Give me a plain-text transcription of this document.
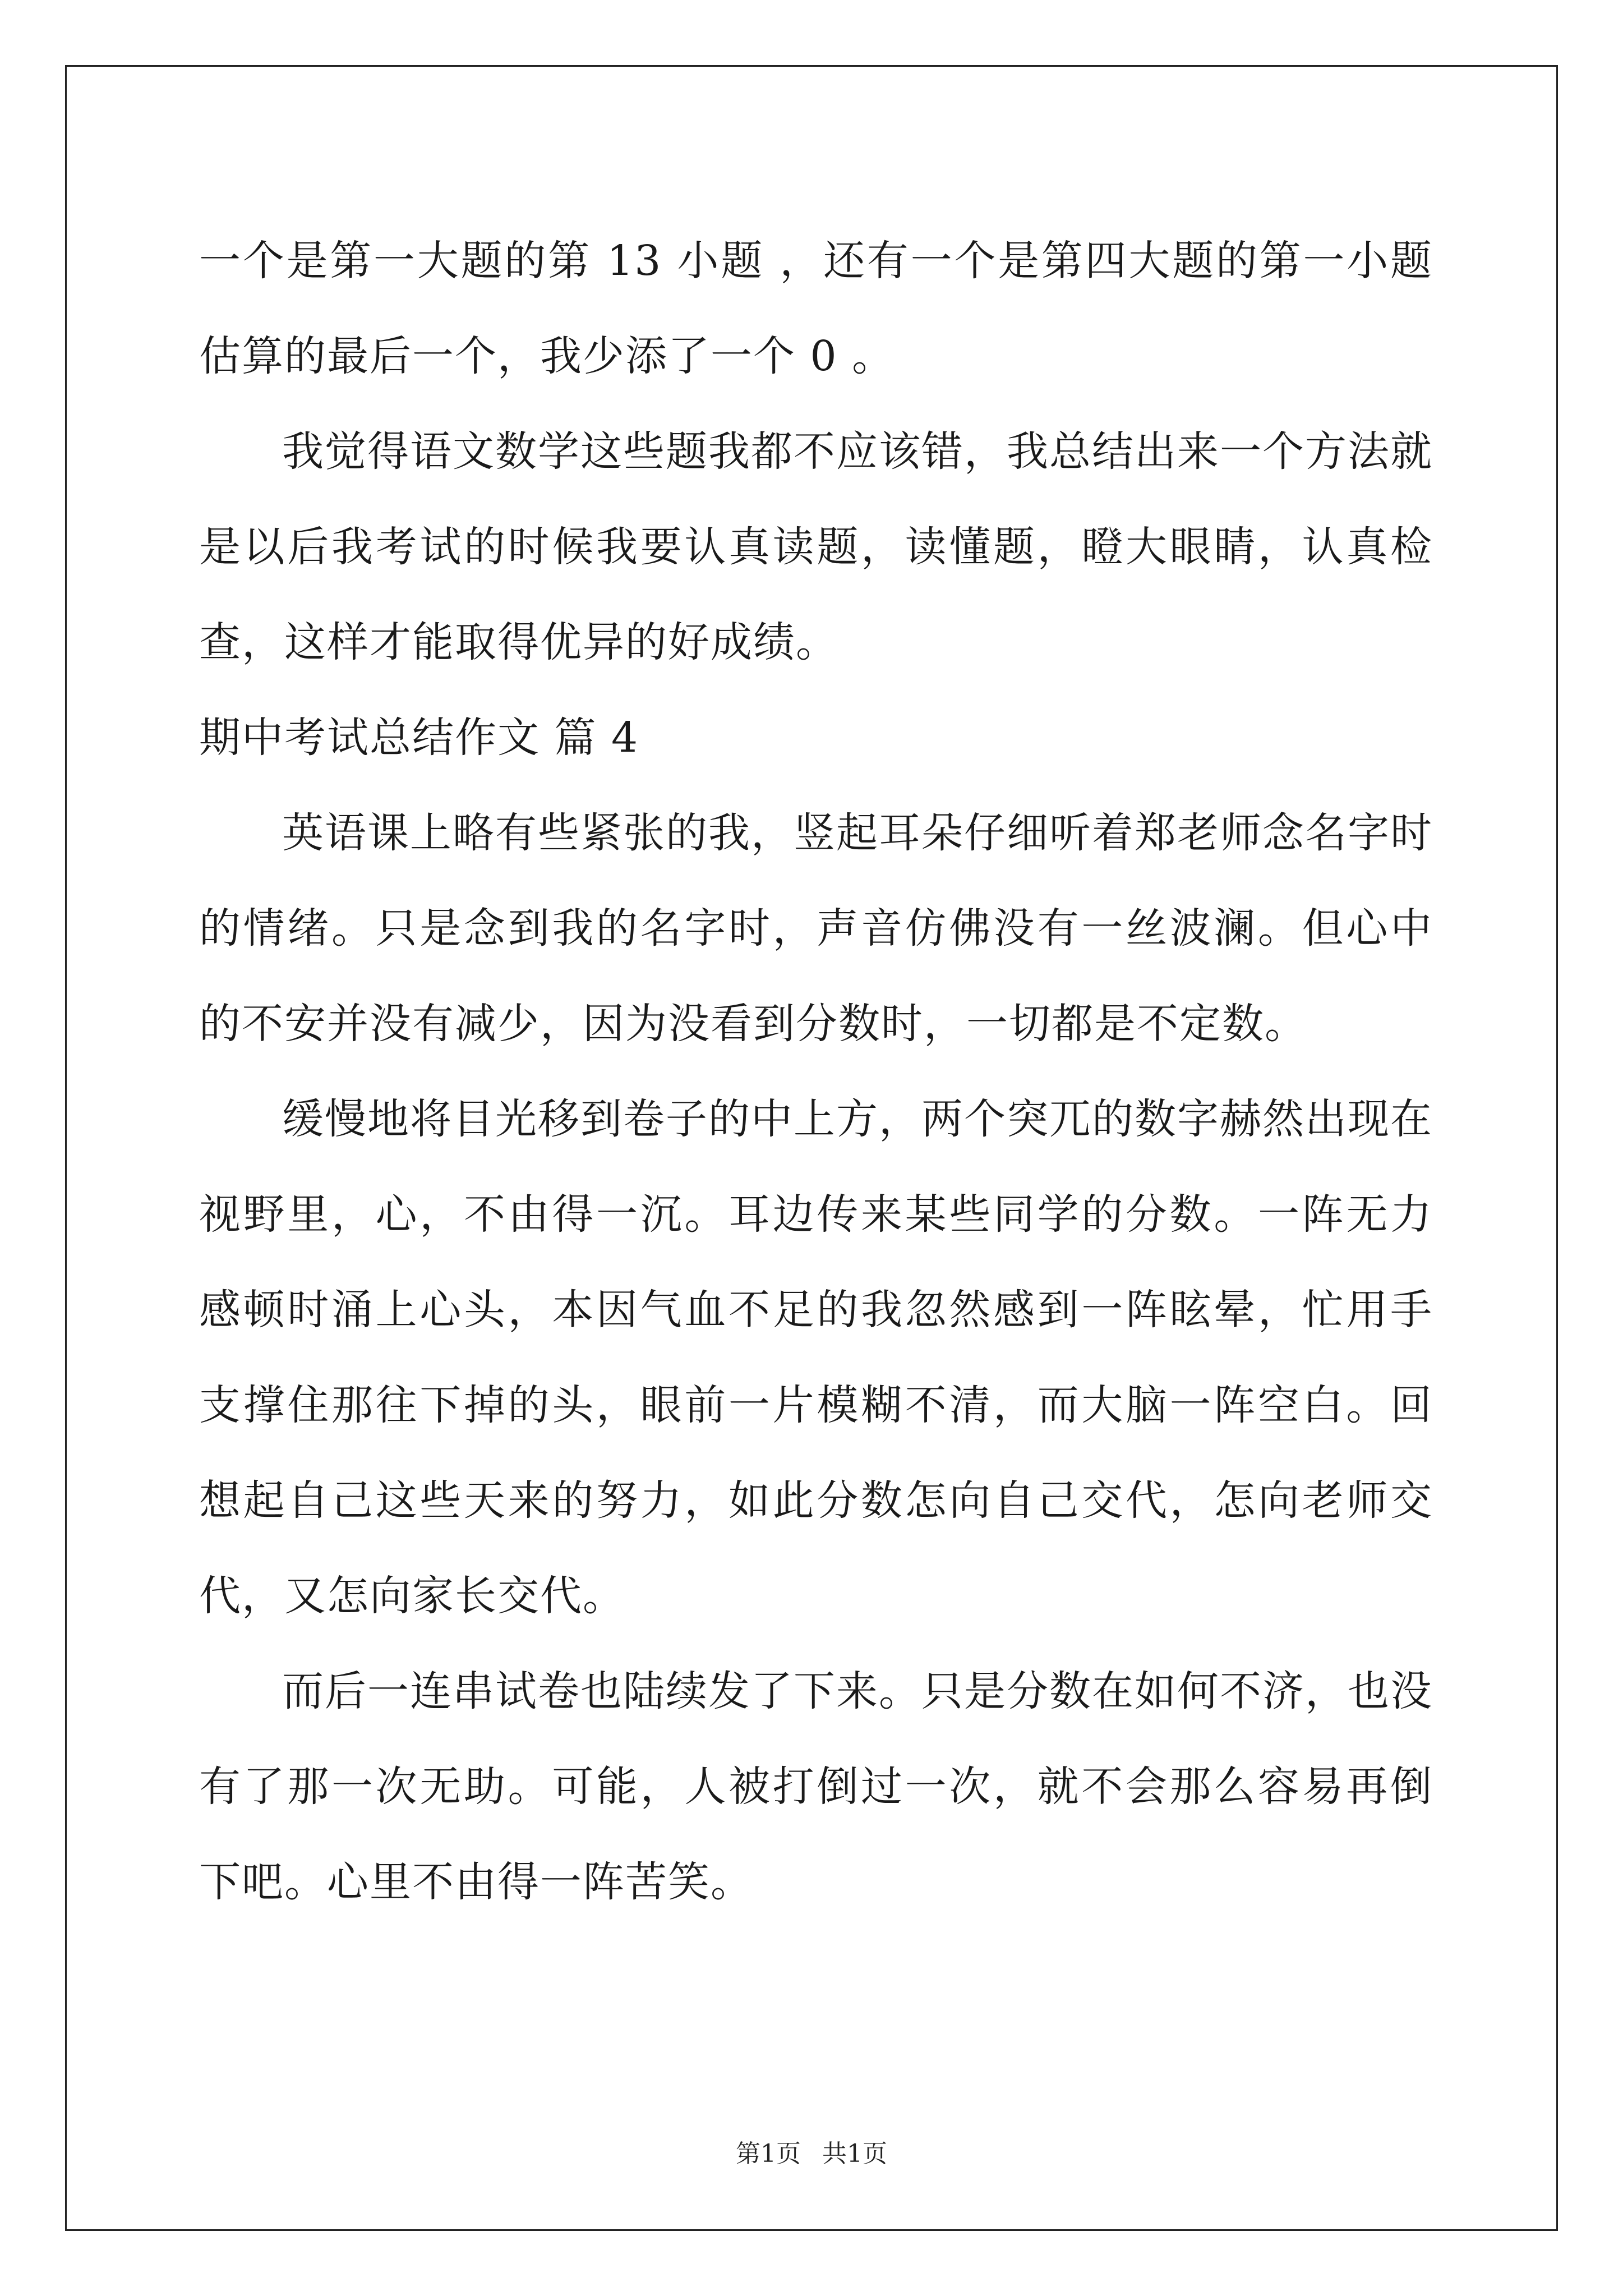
一个是第一大题的第 13 小题 ，还有一个是第四大题的第一小题估算的最后一个，我少添了一个 0 。

我觉得语文数学这些题我都不应该错，我总结出来一个方法就是以后我考试的时候我要认真读题，读懂题，瞪大眼睛，认真检查，这样才能取得优异的好成绩。

期中考试总结作文 篇 4

英语课上略有些紧张的我，竖起耳朵仔细听着郑老师念名字时的情绪。只是念到我的名字时，声音仿佛没有一丝波澜。但心中的不安并没有减少，因为没看到分数时，一切都是不定数。

缓慢地将目光移到卷子的中上方，两个突兀的数字赫然出现在视野里，心，不由得一沉。耳边传来某些同学的分数。一阵无力感顿时涌上心头，本因气血不足的我忽然感到一阵眩晕，忙用手支撑住那往下掉的头，眼前一片模糊不清，而大脑一阵空白。回想起自己这些天来的努力，如此分数怎向自己交代，怎向老师交代，又怎向家长交代。

而后一连串试卷也陆续发了下来。只是分数在如何不济，也没有了那一次无助。可能，人被打倒过一次，就不会那么容易再倒下吧。心里不由得一阵苦笑。

第1页 共1页
